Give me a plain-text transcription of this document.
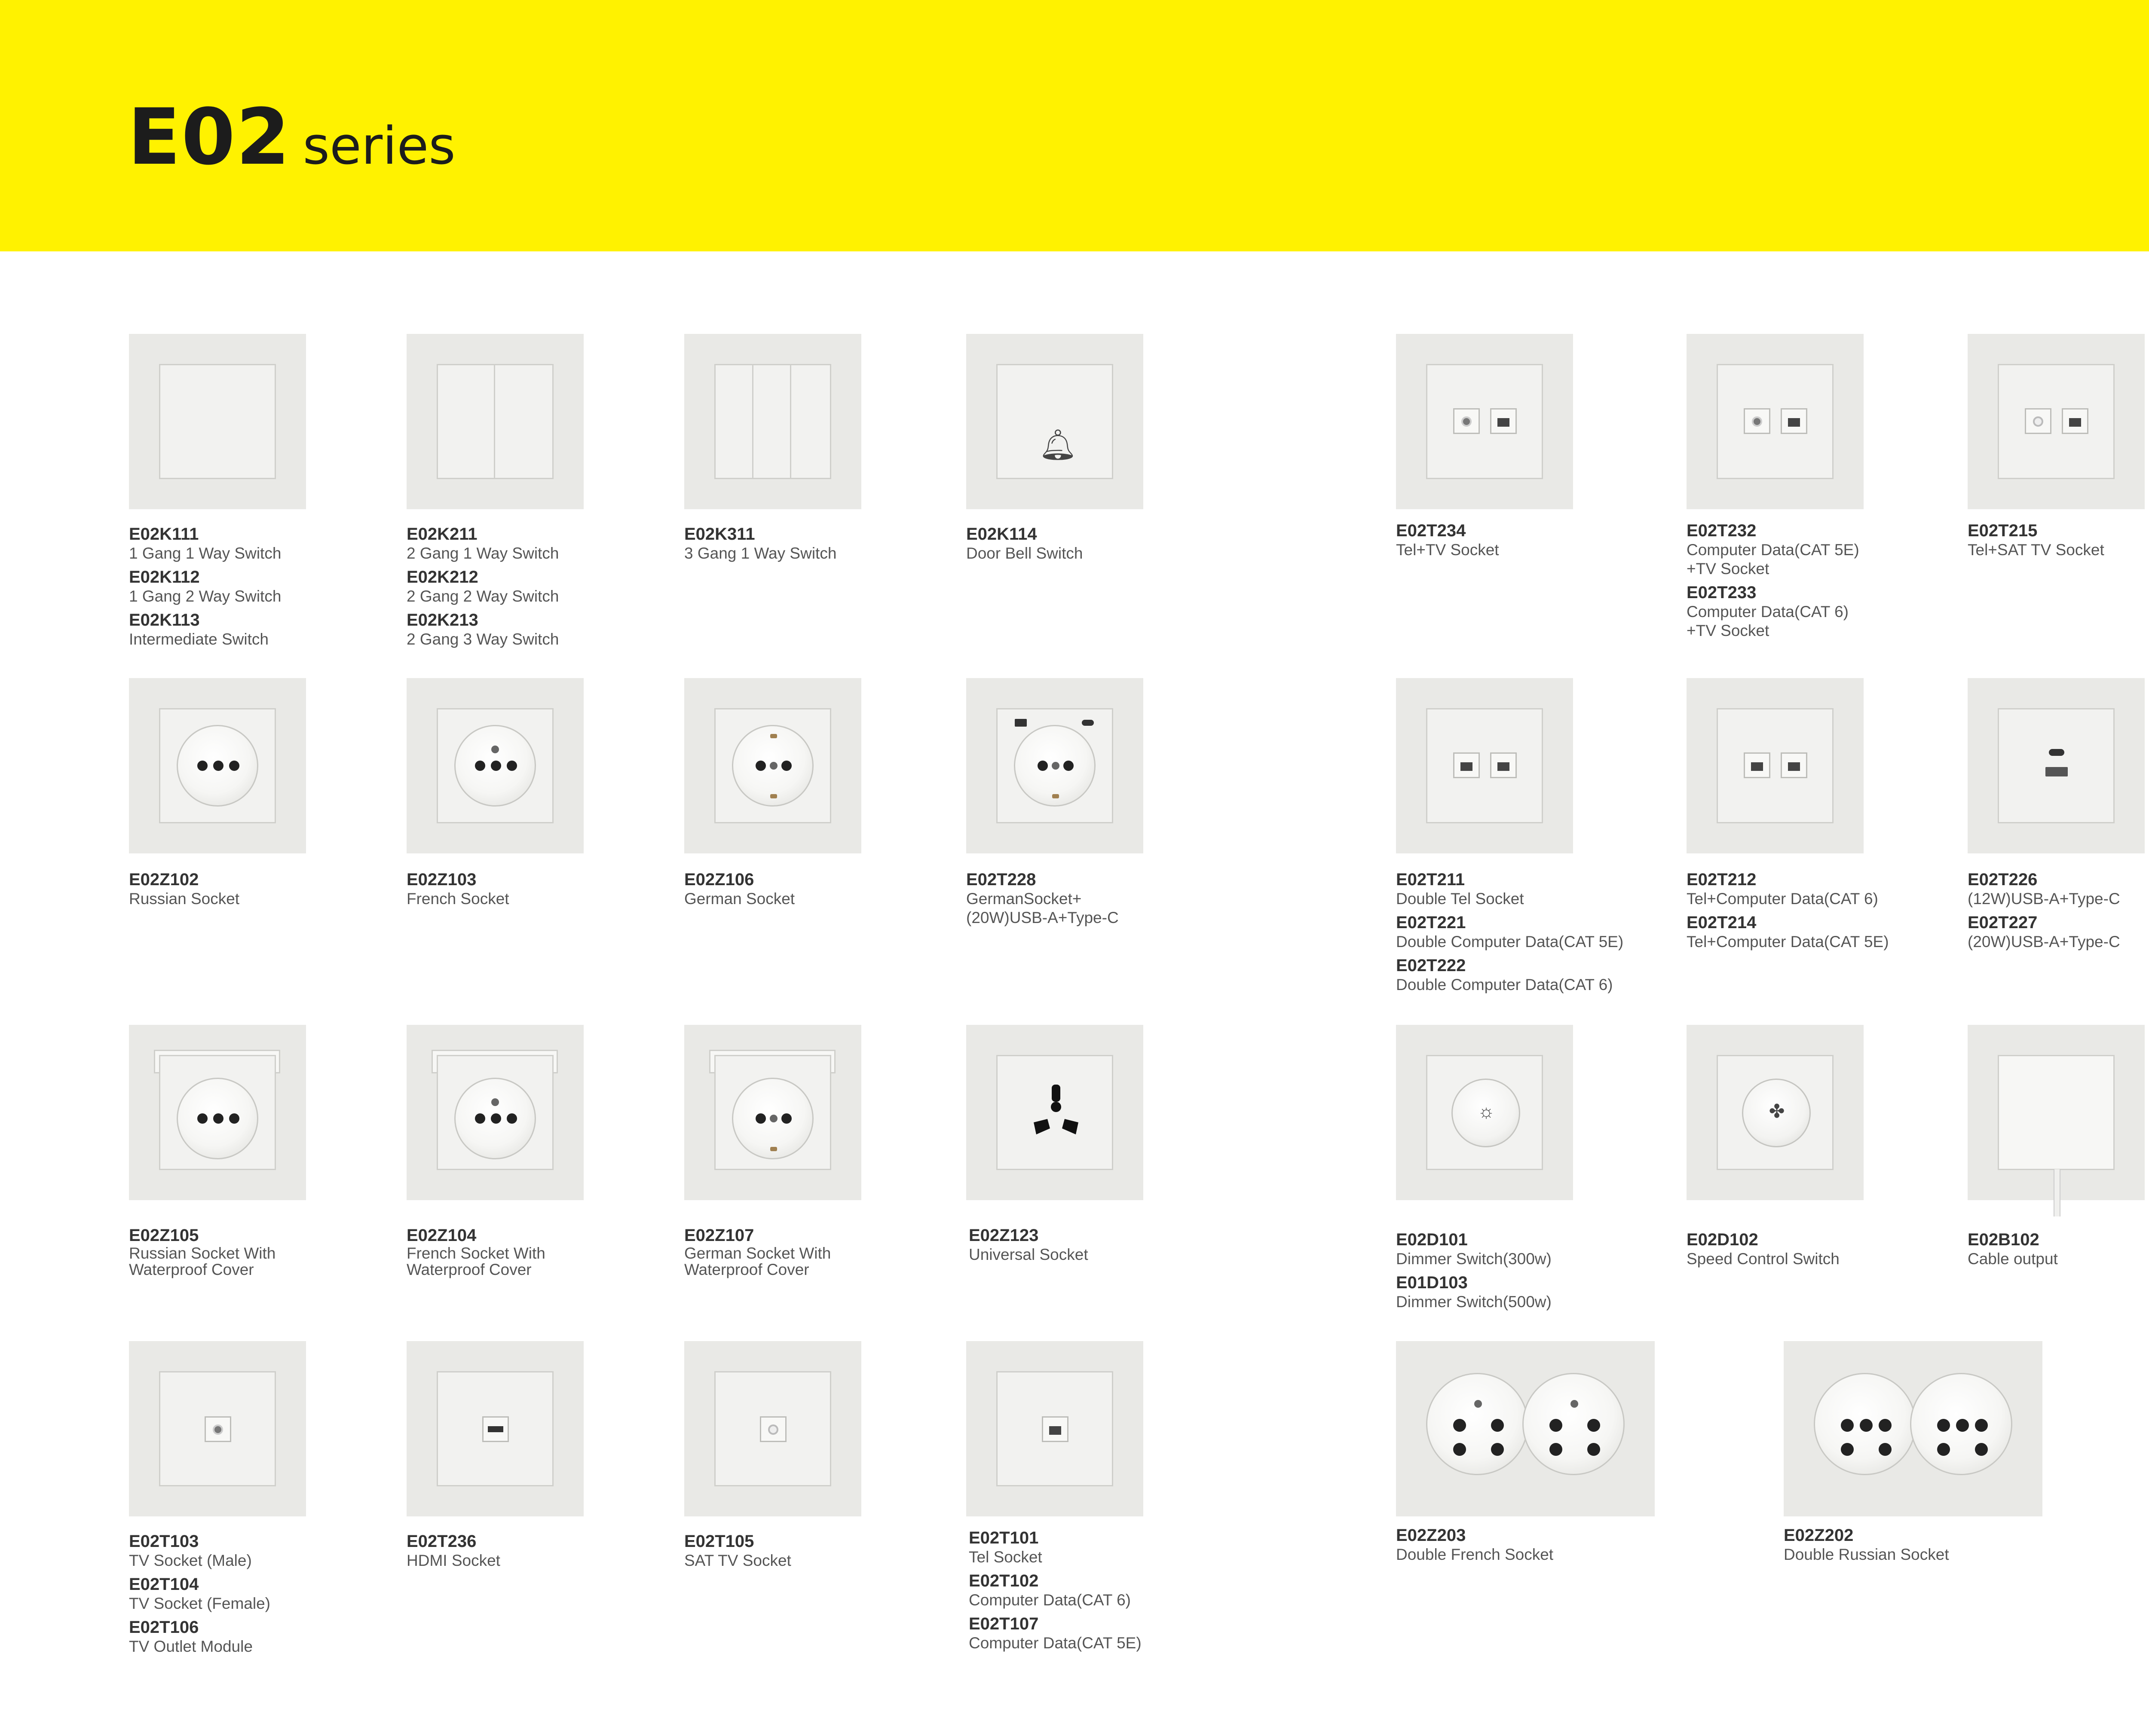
E02 series
E02K111
1 Gang 1 Way Switch
E02K112
1 Gang 2 Way Switch
E02K113
Intermediate Switch
E02K211
2 Gang 1 Way Switch
E02K212
2 Gang 2 Way Switch
E02K213
2 Gang 3 Way Switch
E02K311
3 Gang 1 Way Switch
🔔︎
E02K114
Door Bell Switch
E02T234
Tel+TV Socket
E02T232
Computer Data(CAT 5E)
+TV Socket
E02T233
Computer Data(CAT 6)
+TV Socket
E02T215
Tel+SAT TV Socket
E02Z102
Russian Socket
E02Z103
French Socket
E02Z106
German Socket
E02T228
GermanSocket+
(20W)USB-A+Type-C
E02T211
Double Tel Socket
E02T221
Double Computer Data(CAT 5E)
E02T222
Double Computer Data(CAT 6)
E02T212
Tel+Computer Data(CAT 6)
E02T214
Tel+Computer Data(CAT 5E)
E02T226
(12W)USB-A+Type-C
E02T227
(20W)USB-A+Type-C
E02Z105
Russian Socket With
Waterproof Cover
E02Z104
French Socket With
Waterproof Cover
E02Z107
German Socket With
Waterproof Cover
E02Z123
Universal Socket
☼
E02D101
Dimmer Switch(300w)
E01D103
Dimmer Switch(500w)
✤
E02D102
Speed Control Switch
E02B102
Cable output
E02T103
TV Socket (Male)
E02T104
TV Socket (Female)
E02T106
TV Outlet Module
E02T236
HDMI Socket
E02T105
SAT TV Socket
E02T101
Tel Socket
E02T102
Computer Data(CAT 6)
E02T107
Computer Data(CAT 5E)
E02Z203
Double French Socket
E02Z202
Double Russian Socket
